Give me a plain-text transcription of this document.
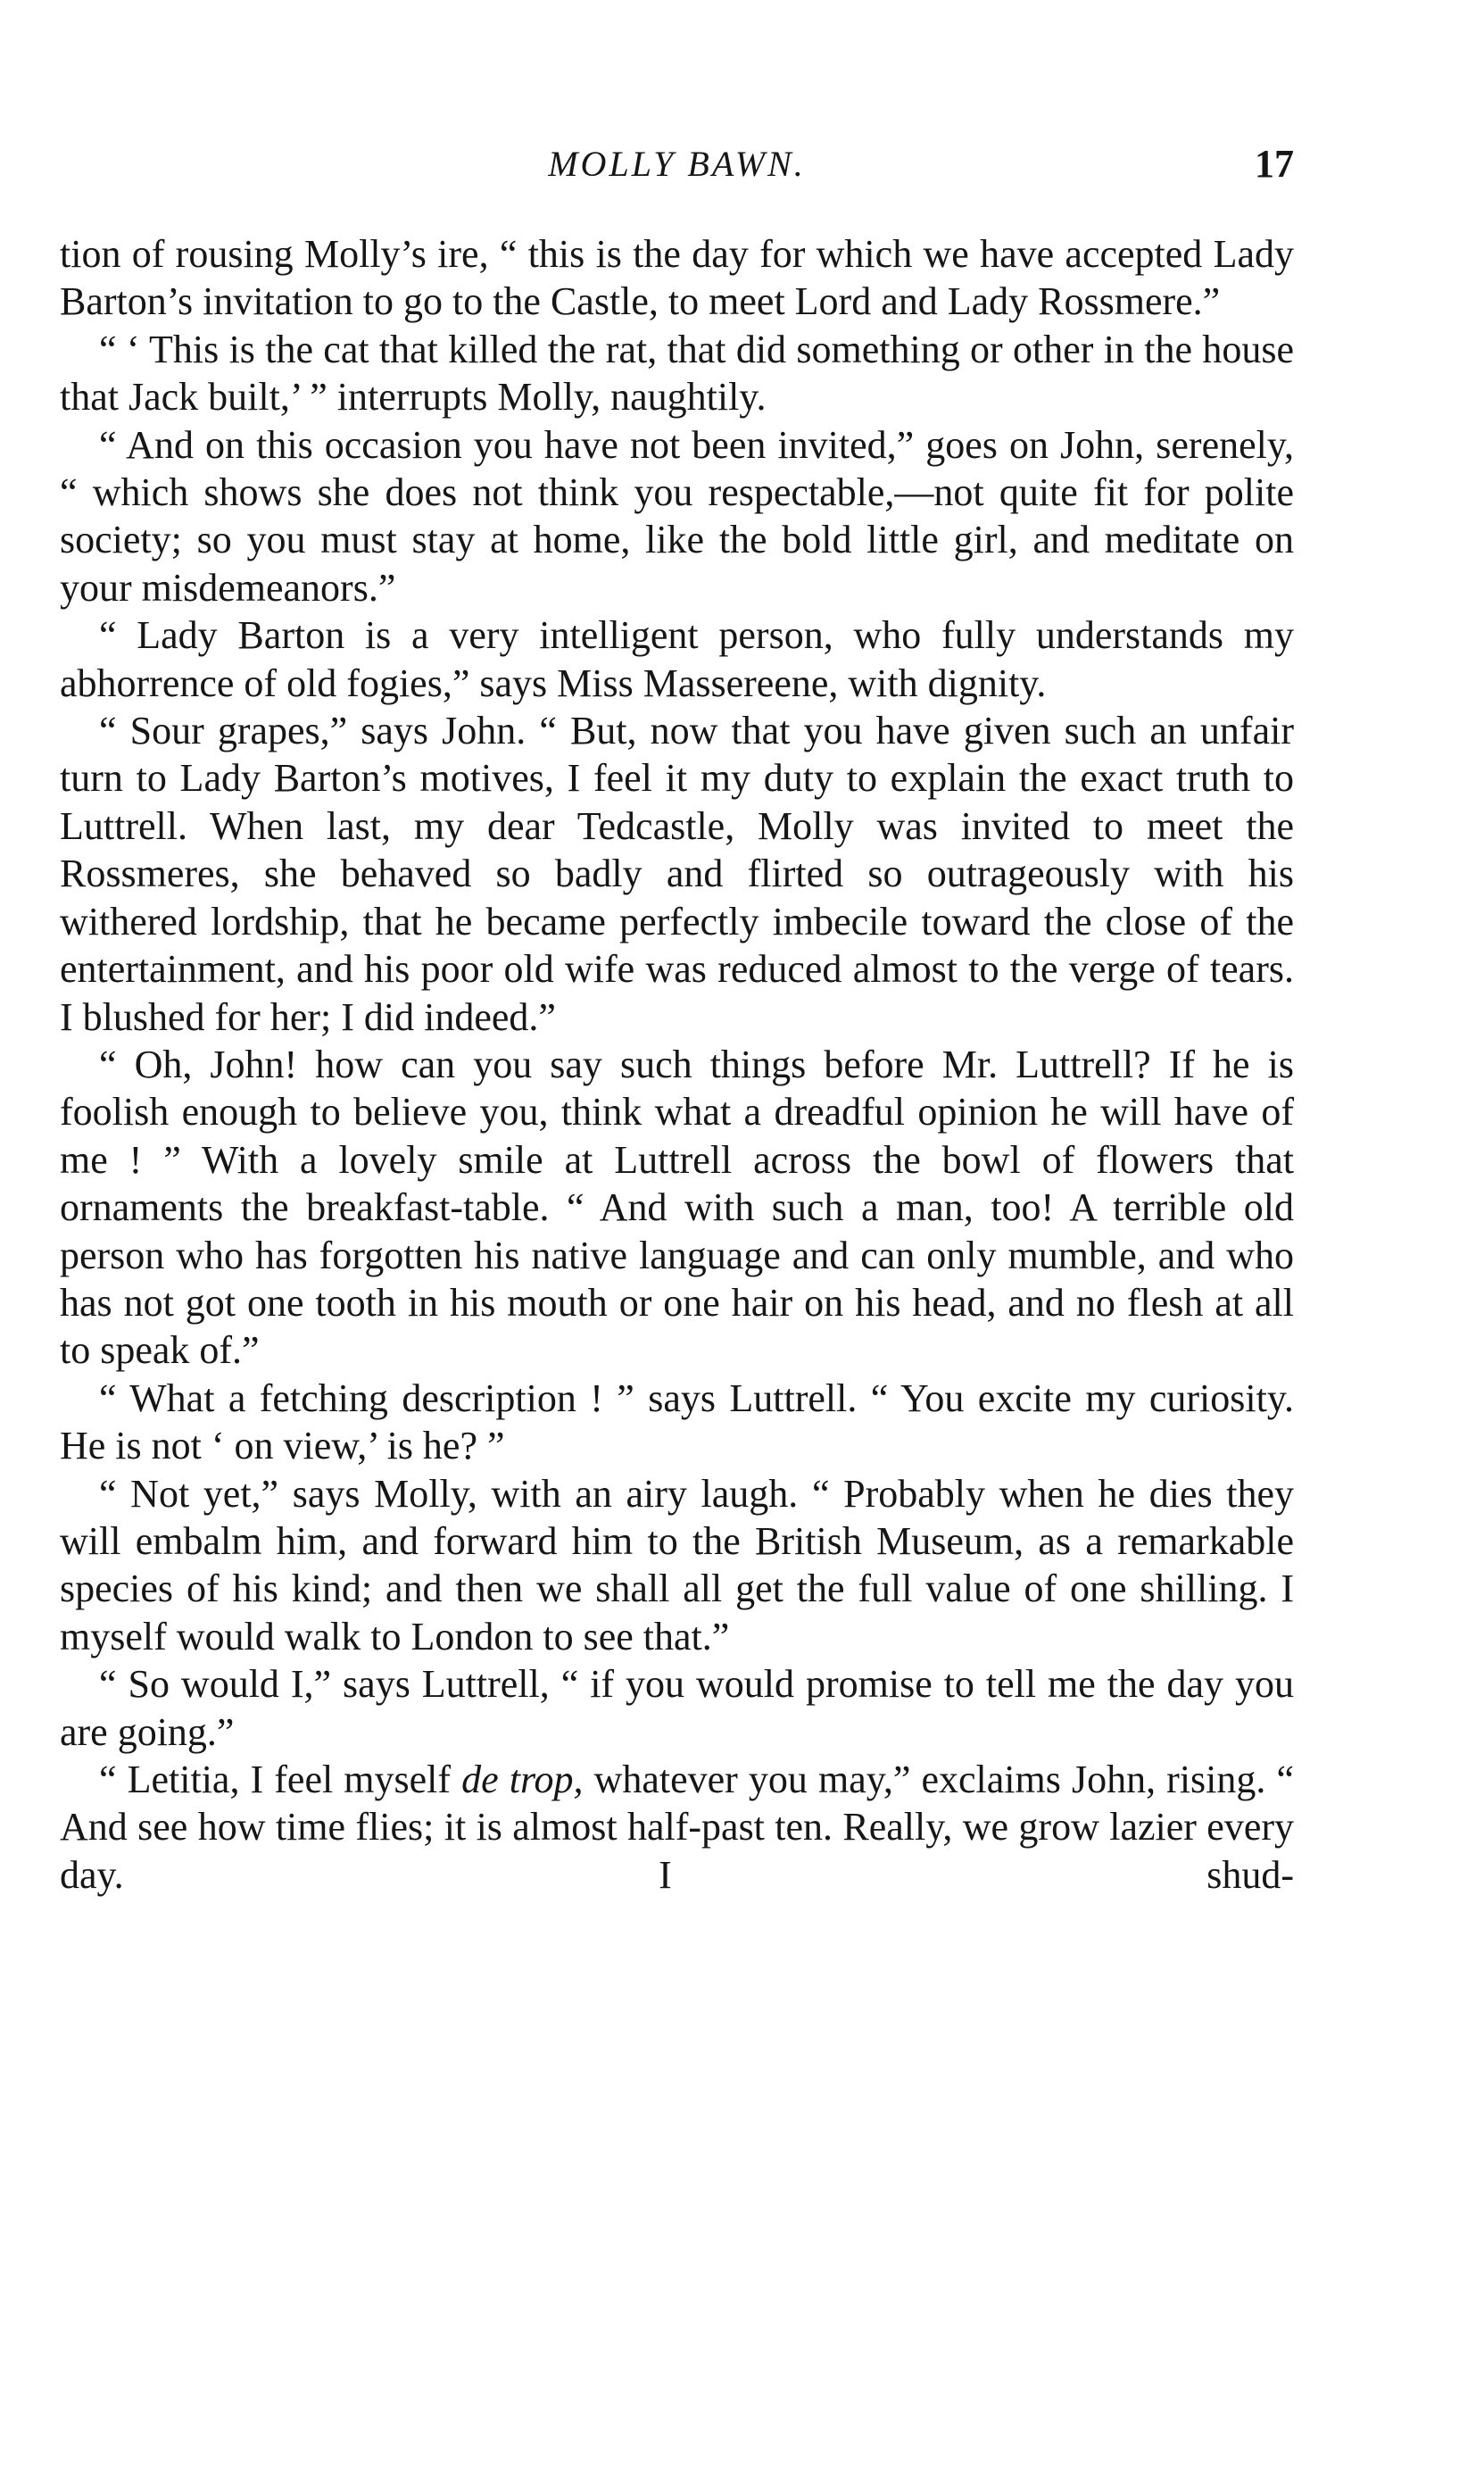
MOLLY BAWN.	17

tion of rousing Molly’s ire, “ this is the day for which we have accepted Lady Barton’s invitation to go to the Castle, to meet Lord and Lady Rossmere.”

“ ‘ This is the cat that killed the rat, that did something or other in the house that Jack built,’ ” interrupts Molly, naughtily.

“ And on this occasion you have not been invited,” goes on John, serenely, “ which shows she does not think you respectable,—not quite fit for polite society; so you must stay at home, like the bold little girl, and meditate on your misdemeanors.”

“ Lady Barton is a very intelligent person, who fully understands my abhorrence of old fogies,” says Miss Massereene, with dignity.

“ Sour grapes,” says John. “ But, now that you have given such an unfair turn to Lady Barton’s motives, I feel it my duty to explain the exact truth to Luttrell. When last, my dear Tedcastle, Molly was invited to meet the Rossmeres, she behaved so badly and flirted so outrageously with his withered lordship, that he became perfectly imbecile toward the close of the entertainment, and his poor old wife was reduced almost to the verge of tears. I blushed for her; I did indeed.”

“ Oh, John! how can you say such things before Mr. Luttrell? If he is foolish enough to believe you, think what a dreadful opinion he will have of me ! ” With a lovely smile at Luttrell across the bowl of flowers that ornaments the breakfast-table. “ And with such a man, too! A terrible old person who has forgotten his native language and can only mumble, and who has not got one tooth in his mouth or one hair on his head, and no flesh at all to speak of.”

“ What a fetching description ! ” says Luttrell. “ You excite my curiosity. He is not ‘ on view,’ is he? ”

“ Not yet,” says Molly, with an airy laugh. “ Probably when he dies they will embalm him, and forward him to the British Museum, as a remarkable species of his kind; and then we shall all get the full value of one shilling. I myself would walk to London to see that.”

“ So would I,” says Luttrell, “ if you would promise to tell me the day you are going.”

“ Letitia, I feel myself de trop, whatever you may,” exclaims John, rising. “ And see how time flies; it is almost half-past ten. Really, we grow lazier every day. I shud-
